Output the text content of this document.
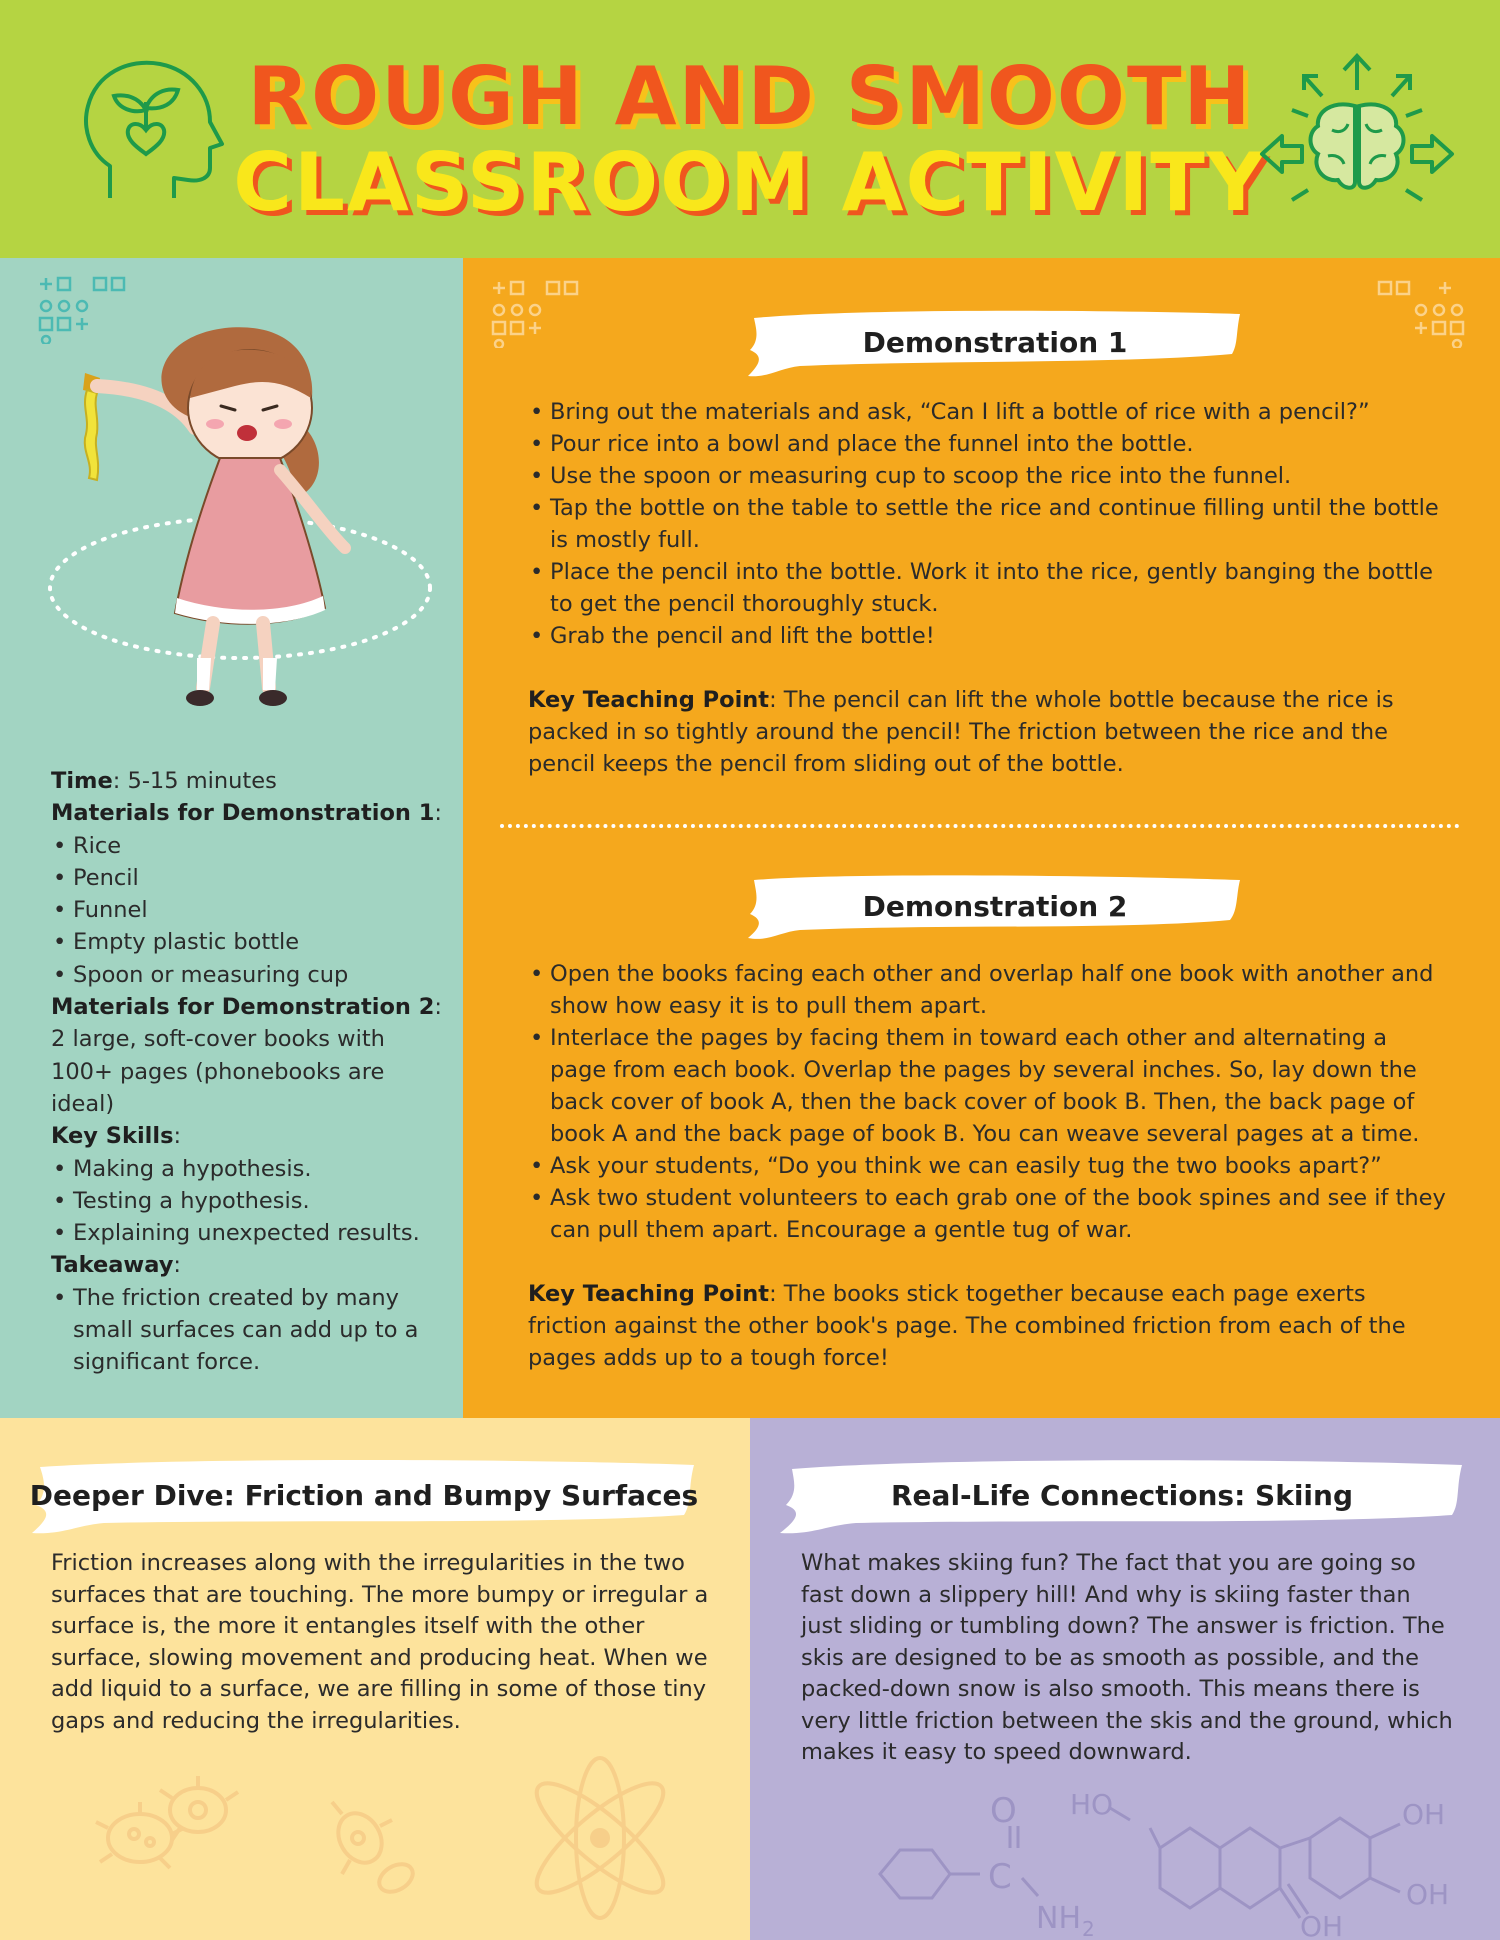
ROUGH AND SMOOTH
CLASSROOM ACTIVITY
Time: 5-15 minutes
Materials for Demonstration 1:
• Rice
• Pencil
• Funnel
• Empty plastic bottle
• Spoon or measuring cup
Materials for Demonstration 2:
2 large, soft-cover books with 100+ pages (phonebooks are ideal)
Key Skills:
• Making a hypothesis.
• Testing a hypothesis.
• Explaining unexpected results.
Takeaway:
• The friction created by many small surfaces can add up to a significant force.
Demonstration 1
• Bring out the materials and ask, “Can I lift a bottle of rice with a pencil?”
• Pour rice into a bowl and place the funnel into the bottle.
• Use the spoon or measuring cup to scoop the rice into the funnel.
• Tap the bottle on the table to settle the rice and continue filling until the bottle is mostly full.
• Place the pencil into the bottle. Work it into the rice, gently banging the bottle to get the pencil thoroughly stuck.
• Grab the pencil and lift the bottle!
Key Teaching Point: The pencil can lift the whole bottle because the rice is packed in so tightly around the pencil! The friction between the rice and the pencil keeps the pencil from sliding out of the bottle.
Demonstration 2
• Open the books facing each other and overlap half one book with another and show how easy it is to pull them apart.
• Interlace the pages by facing them in toward each other and alternating a page from each book. Overlap the pages by several inches. So, lay down the back cover of book A, then the back cover of book B. Then, the back page of book A and the back page of book B. You can weave several pages at a time.
• Ask your students, “Do you think we can easily tug the two books apart?”
• Ask two student volunteers to each grab one of the book spines and see if they can pull them apart. Encourage a gentle tug of war.
Key Teaching Point: The books stick together because each page exerts friction against the other book's page. The combined friction from each of the pages adds up to a tough force!
Deeper Dive: Friction and Bumpy Surfaces
Friction increases along with the irregularities in the two surfaces that are touching. The more bumpy or irregular a surface is, the more it entangles itself with the other surface, slowing movement and producing heat. When we add liquid to a surface, we are filling in some of those tiny gaps and reducing the irregularities.
O
C
NH 2
HO	OH
OH
OH
Real-Life Connections: Skiing
What makes skiing fun? The fact that you are going so fast down a slippery hill! And why is skiing faster than just sliding or tumbling down? The answer is friction. The skis are designed to be as smooth as possible, and the packed-down snow is also smooth. This means there is very little friction between the skis and the ground, which makes it easy to speed downward.
